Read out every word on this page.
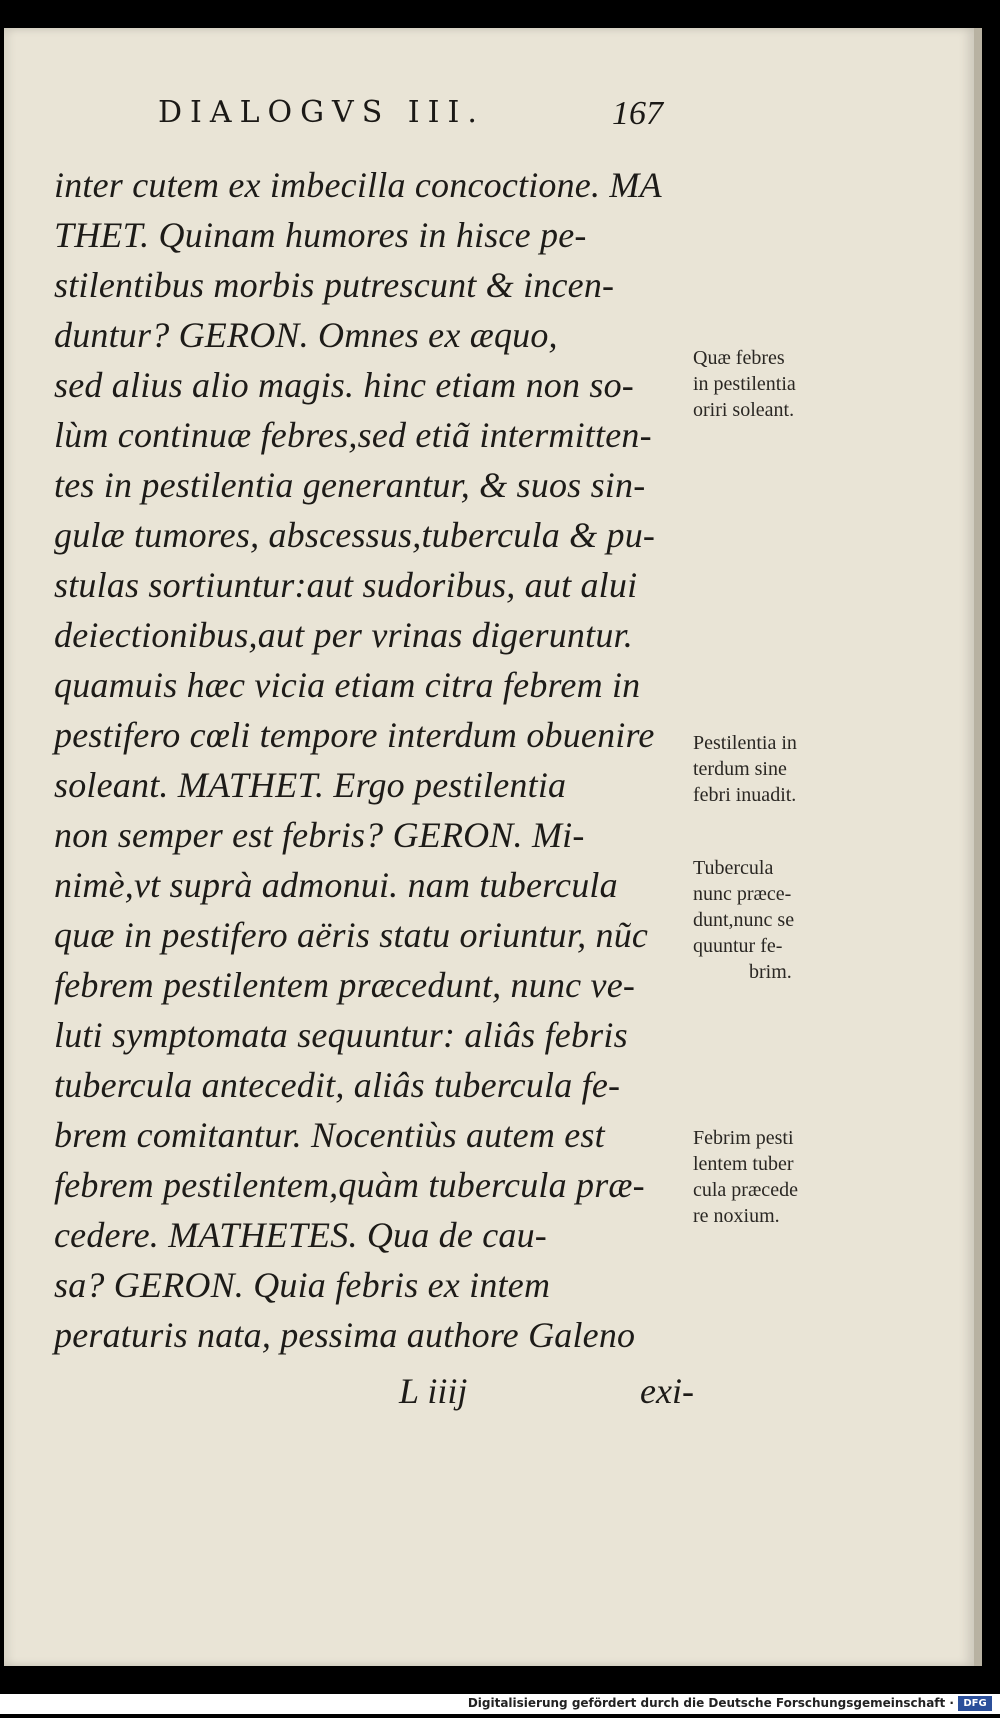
DIALOGVS III.	167
inter cutem ex imbecilla concoctione. MA
THET. Quinam humores in hisce pe-
stilentibus morbis putrescunt & incen-
duntur? GERON. Omnes ex æquo,
sed alius alio magis. hinc etiam non so-
lùm continuæ febres,sed etiã intermitten-
tes in pestilentia generantur, & suos sin-
gulæ tumores, abscessus,tubercula & pu-
stulas sortiuntur:aut sudoribus, aut alui
deiectionibus,aut per vrinas digeruntur.
quamuis hæc vicia etiam citra febrem in
pestifero cœli tempore interdum obuenire
soleant. MATHET. Ergo pestilentia
non semper est febris? GERON. Mi-
nimè,vt suprà admonui. nam tubercula
quæ in pestifero aëris statu oriuntur, nũc
febrem pestilentem præcedunt, nunc ve-
luti symptomata sequuntur: aliâs febris
tubercula antecedit, aliâs tubercula fe-
brem comitantur. Nocentiùs autem est
febrem pestilentem,quàm tubercula præ-
cedere. MATHETES. Qua de cau-
sa? GERON. Quia febris ex intem
peraturis nata, pessima authore Galeno
L iiij	exi-
Quæ febres
in pestilentia
oriri soleant.
Pestilentia in
terdum sine
febri inuadit.
Tubercula
nunc præce-
dunt,nunc se
quuntur fe-
brim.
Febrim pesti
lentem tuber
cula præcede
re noxium.
Digitalisierung gefördert durch die Deutsche Forschungsgemeinschaft · DFG
